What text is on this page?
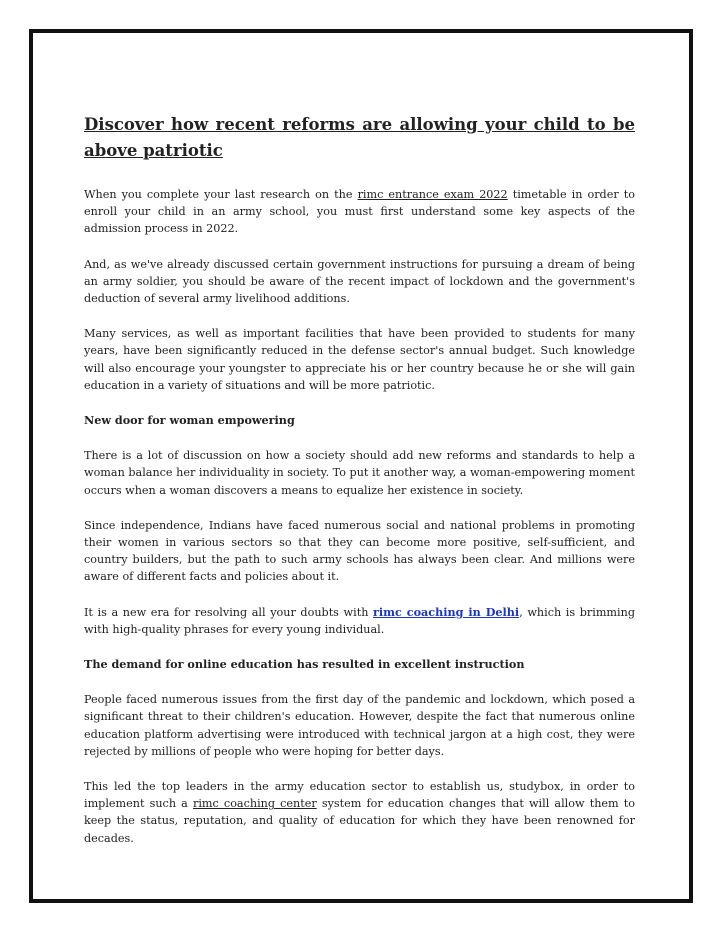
Discover how recent reforms are allowing your child to be above patriotic

When you complete your last research on the rimc entrance exam 2022 timetable in order to enroll your child in an army school, you must first understand some key aspects of the admission process in 2022.

And, as we've already discussed certain government instructions for pursuing a dream of being an army soldier, you should be aware of the recent impact of lockdown and the government's deduction of several army livelihood additions.

Many services, as well as important facilities that have been provided to students for many years, have been significantly reduced in the defense sector's annual budget. Such knowledge will also encourage your youngster to appreciate his or her country because he or she will gain education in a variety of situations and will be more patriotic.

New door for woman empowering

There is a lot of discussion on how a society should add new reforms and standards to help a woman balance her individuality in society. To put it another way, a woman-empowering moment occurs when a woman discovers a means to equalize her existence in society.

Since independence, Indians have faced numerous social and national problems in promoting their women in various sectors so that they can become more positive, self-sufficient, and country builders, but the path to such army schools has always been clear. And millions were aware of different facts and policies about it.

It is a new era for resolving all your doubts with rimc coaching in Delhi, which is brimming with high-quality phrases for every young individual.

The demand for online education has resulted in excellent instruction

People faced numerous issues from the first day of the pandemic and lockdown, which posed a significant threat to their children's education. However, despite the fact that numerous online education platform advertising were introduced with technical jargon at a high cost, they were rejected by millions of people who were hoping for better days.

This led the top leaders in the army education sector to establish us, studybox, in order to implement such a rimc coaching center system for education changes that will allow them to keep the status, reputation, and quality of education for which they have been renowned for decades.
